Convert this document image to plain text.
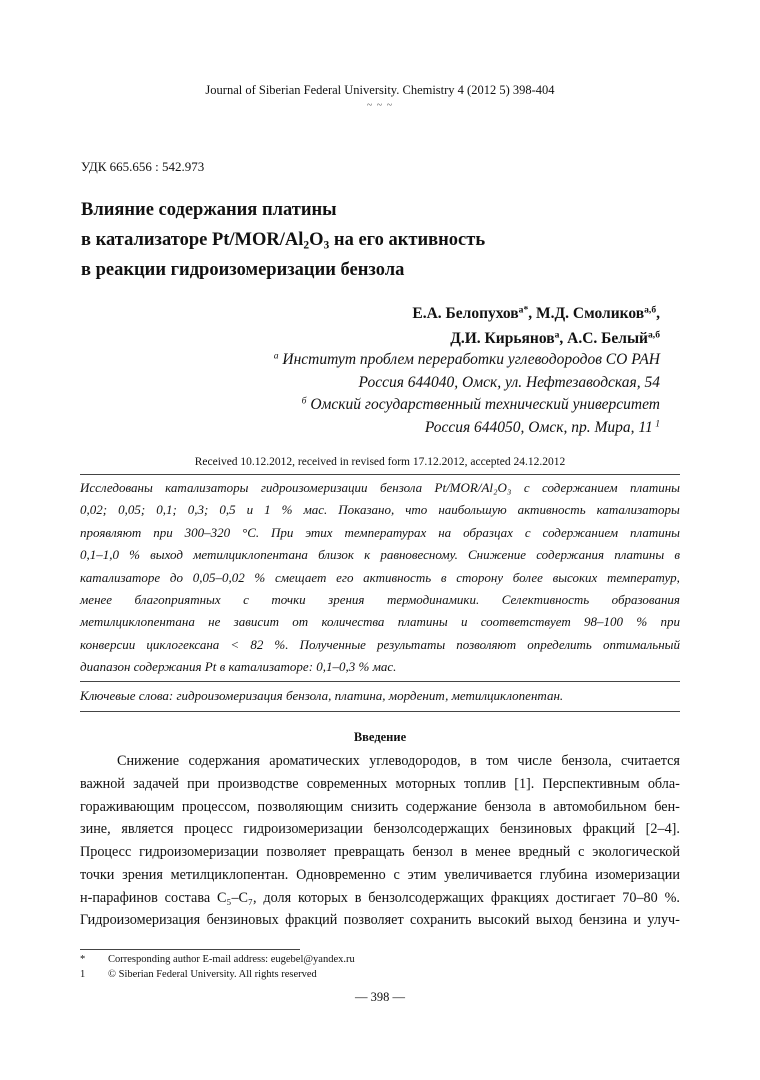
Journal of Siberian Federal University. Chemistry 4 (2012 5) 398-404
~ ~ ~
УДК 665.656 : 542.973
Влияние содержания платины
в катализаторе $Pt/MOR/Al_2O_3$ на его активность
в реакции гидроизомеризации бензола
Е.А. Белопухов$^{а*}$, М.Д. Смоликов$^{а,б}$,
Д.И. Кирьянов$^а$, А.С. Белый$^{а,б}$
$^а$ Институт проблем переработки углеводородов СО РАН
Россия 644040, Омск, ул. Нефтезаводская, 54
$^б$ Омский государственный технический университет
Россия 644050, Омск, пр. Мира, 11 $^1$
Received 10.12.2012, received in revised form 17.12.2012, accepted 24.12.2012
Исследованы катализаторы гидроизомеризации бензола Pt/MOR/Al₂O₃ с содержанием платины
0,02; 0,05; 0,1; 0,3; 0,5 и 1 % мас. Показано, что наибольшую активность катализаторы
проявляют при 300–320 °C. При этих температурах на образцах с содержанием платины
0,1–1,0 % выход метилциклопентана близок к равновесному. Снижение содержания платины в
катализаторе до 0,05–0,02 % смещает его активность в сторону более высоких температур,
менее благоприятных с точки зрения термодинамики. Селективность образования
метилциклопентана не зависит от количества платины и соответствует 98–100 % при
конверсии циклогексана < 82 %. Полученные результаты позволяют определить оптимальный
диапазон содержания Pt в катализаторе: 0,1–0,3 % мас.
Ключевые слова: гидроизомеризация бензола, платина, морденит, метилциклопентан.
Введение
Снижение содержания ароматических углеводородов, в том числе бензола, считается
важной задачей при производстве современных моторных топлив [1]. Перспективным обла-
гораживающим процессом, позволяющим снизить содержание бензола в автомобильном бен-
зине, является процесс гидроизомеризации бензолсодержащих бензиновых фракций [2–4].
Процесс гидроизомеризации позволяет превращать бензол в менее вредный с экологической
точки зрения метилциклопентан. Одновременно с этим увеличивается глубина изомеризации
н-парафинов состава C₅–C₇, доля которых в бензолсодержащих фракциях достигает 70–80 %.
Гидроизомеризация бензиновых фракций позволяет сохранить высокий выход бензина и улуч-
*	Corresponding author E-mail address: eugebel@yandex.ru
1	© Siberian Federal University. All rights reserved
— 398 —
